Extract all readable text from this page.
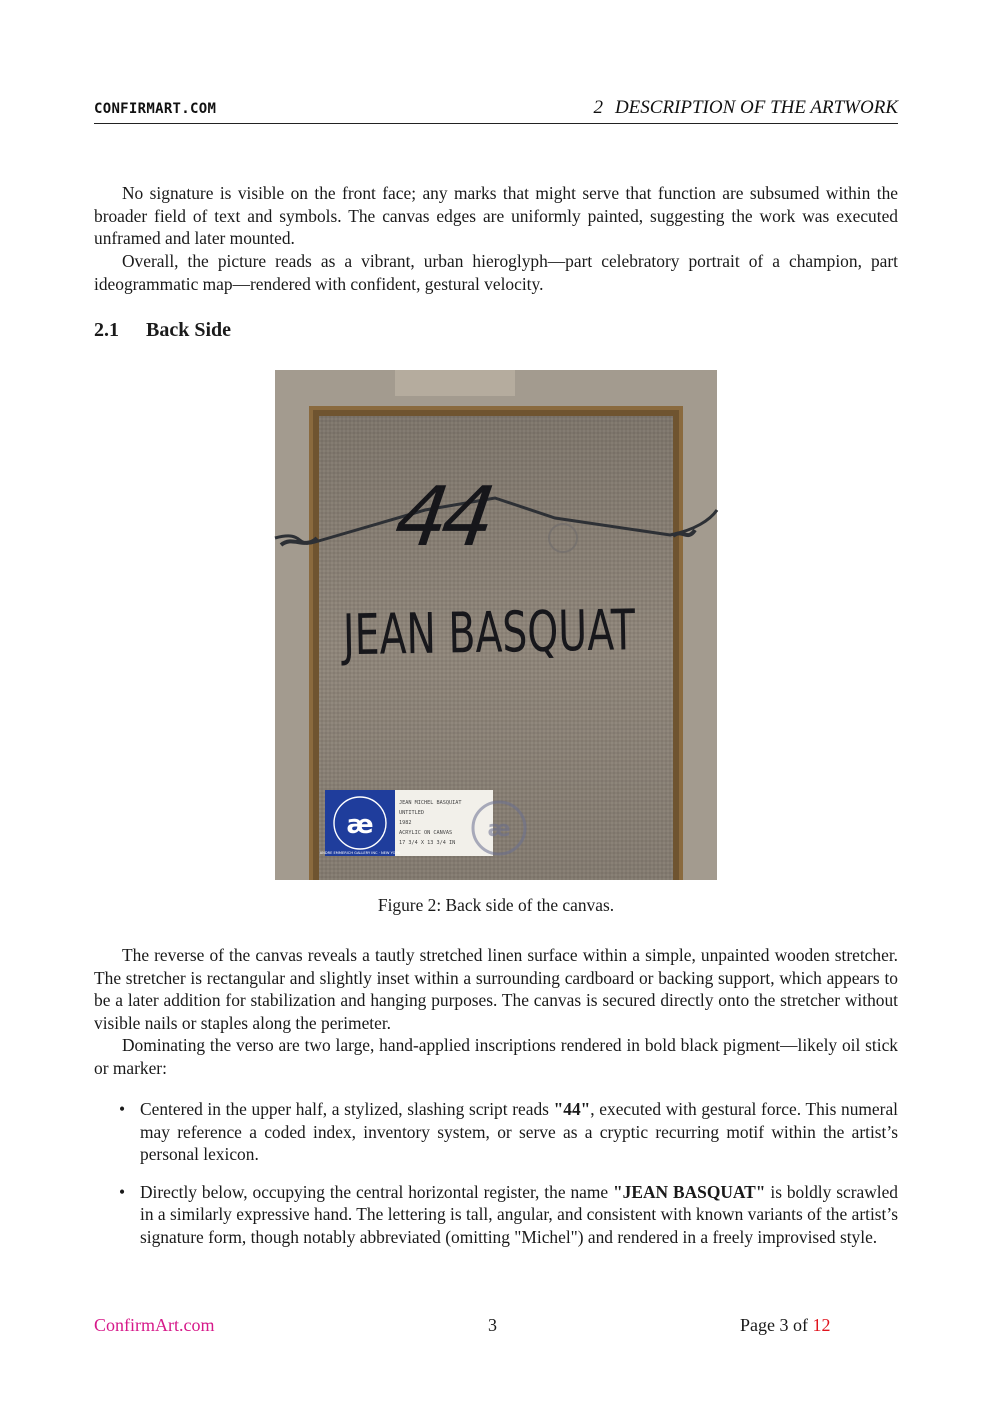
CONFIRMART.COM	2 DESCRIPTION OF THE ARTWORK

No signature is visible on the front face; any marks that might serve that function are subsumed within the broader field of text and symbols. The canvas edges are uniformly painted, suggesting the work was executed unframed and later mounted.

Overall, the picture reads as a vibrant, urban hieroglyph—part celebratory portrait of a champion, part ideogrammatic map—rendered with confident, gestural velocity.

2.1 Back Side
44
JEAN BASQUAT
æ
ANDRE EMMERICH GALLERY INC · NEW YORK
JEAN MICHEL BASQUIAT
UNTITLED
1982
ACRYLIC ON CANVAS
17 3/4 X 13 3/4 IN
æ
Figure 2: Back side of the canvas.

The reverse of the canvas reveals a tautly stretched linen surface within a simple, unpainted wooden stretcher. The stretcher is rectangular and slightly inset within a surrounding cardboard or backing support, which appears to be a later addition for stabilization and hanging purposes. The canvas is secured directly onto the stretcher without visible nails or staples along the perimeter.

Dominating the verso are two large, hand-applied inscriptions rendered in bold black pigment—likely oil stick or marker:

• Centered in the upper half, a stylized, slashing script reads "44", executed with gestural force. This numeral may reference a coded index, inventory system, or serve as a cryptic recurring motif within the artist’s personal lexicon.
• Directly below, occupying the central horizontal register, the name "JEAN BASQUAT" is boldly scrawled in a similarly expressive hand. The lettering is tall, angular, and consistent with known variants of the artist’s signature form, though notably abbreviated (omitting "Michel") and rendered in a freely improvised style.
ConfirmArt.com	3	Page 3 of 12
